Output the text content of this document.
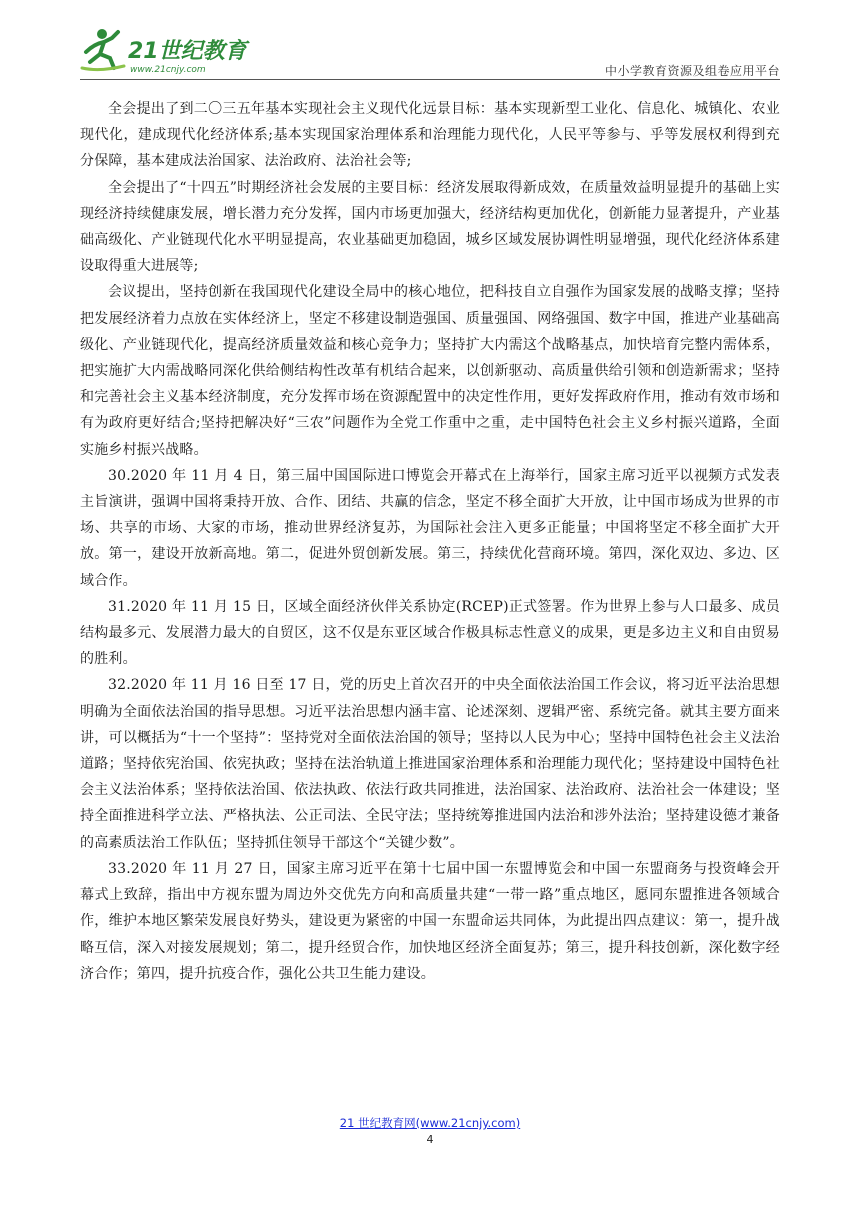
21世纪教育
www.21cnjy.com	中小学教育资源及组卷应用平台

全会提出了到二〇三五年基本实现社会主义现代化远景目标：基本实现新型工业化、信息化、城镇化、农业现代化，建成现代化经济体系;基本实现国家治理体系和治理能力现代化，人民平等参与、乎等发展权利得到充分保障，基本建成法治国家、法治政府、法治社会等;

全会提出了“十四五”时期经济社会发展的主要目标：经济发展取得新成效，在质量效益明显提升的基础上实现经济持续健康发展，增长潜力充分发挥，国内市场更加强大，经济结构更加优化，创新能力显著提升，产业基础高级化、产业链现代化水平明显提高，农业基础更加稳固，城乡区域发展协调性明显增强，现代化经济体系建设取得重大进展等;

会议提出，坚持创新在我国现代化建设全局中的核心地位，把科技自立自强作为国家发展的战略支撑；坚持把发展经济着力点放在实体经济上，坚定不移建设制造强国、质量强国、网络强国、数字中国，推进产业基础高级化、产业链现代化，提高经济质量效益和核心竞争力；坚持扩大内需这个战略基点，加快培育完整内需体系，把实施扩大内需战略同深化供给侧结构性改革有机结合起来，以创新驱动、高质量供给引领和创造新需求；坚持和完善社会主义基本经济制度，充分发挥市场在资源配置中的决定性作用，更好发挥政府作用，推动有效市场和有为政府更好结合;坚持把解决好“三农”问题作为全党工作重中之重，走中国特色社会主义乡村振兴道路，全面实施乡村振兴战略。

30.2020 年 11 月 4 日，第三届中国国际进口博览会开幕式在上海举行，国家主席习近平以视频方式发表主旨演讲，强调中国将秉持开放、合作、团结、共赢的信念，坚定不移全面扩大开放，让中国市场成为世界的市场、共享的市场、大家的市场，推动世界经济复苏，为国际社会注入更多正能量；中国将坚定不移全面扩大开放。第一，建设开放新高地。第二，促进外贸创新发展。第三，持续优化营商环境。第四，深化双边、多边、区域合作。

31.2020 年 11 月 15 日，区域全面经济伙伴关系协定(RCEP)正式签署。作为世界上参与人口最多、成员结构最多元、发展潜力最大的自贸区，这不仅是东亚区域合作极具标志性意义的成果，更是多边主义和自由贸易的胜利。

32.2020 年 11 月 16 日至 17 日，党的历史上首次召开的中央全面依法治国工作会议，将习近平法治思想明确为全面依法治国的指导思想。习近平法治思想内涵丰富、论述深刻、逻辑严密、系统完备。就其主要方面来讲，可以概括为“十一个坚持”：坚持党对全面依法治国的领导；坚持以人民为中心；坚持中国特色社会主义法治道路；坚持依宪治国、依宪执政；坚持在法治轨道上推进国家治理体系和治理能力现代化；坚持建设中国特色社会主义法治体系；坚持依法治国、依法执政、依法行政共同推进，法治国家、法治政府、法治社会一体建设；坚持全面推进科学立法、严格执法、公正司法、全民守法；坚持统筹推进国内法治和涉外法治；坚持建设德才兼备的高素质法治工作队伍；坚持抓住领导干部这个“关键少数”。

33.2020 年 11 月 27 日，国家主席习近平在第十七届中国一东盟博览会和中国一东盟商务与投资峰会开幕式上致辞，指出中方视东盟为周边外交优先方向和高质量共建“一带一路”重点地区，愿同东盟推进各领域合作，维护本地区繁荣发展良好势头，建设更为紧密的中国一东盟命运共同体，为此提出四点建议：第一，提升战略互信，深入对接发展规划；第二，提升经贸合作，加快地区经济全面复苏；第三，提升科技创新，深化数字经济合作；第四，提升抗疫合作，强化公共卫生能力建设。

21 世纪教育网(www.21cnjy.com)
4
